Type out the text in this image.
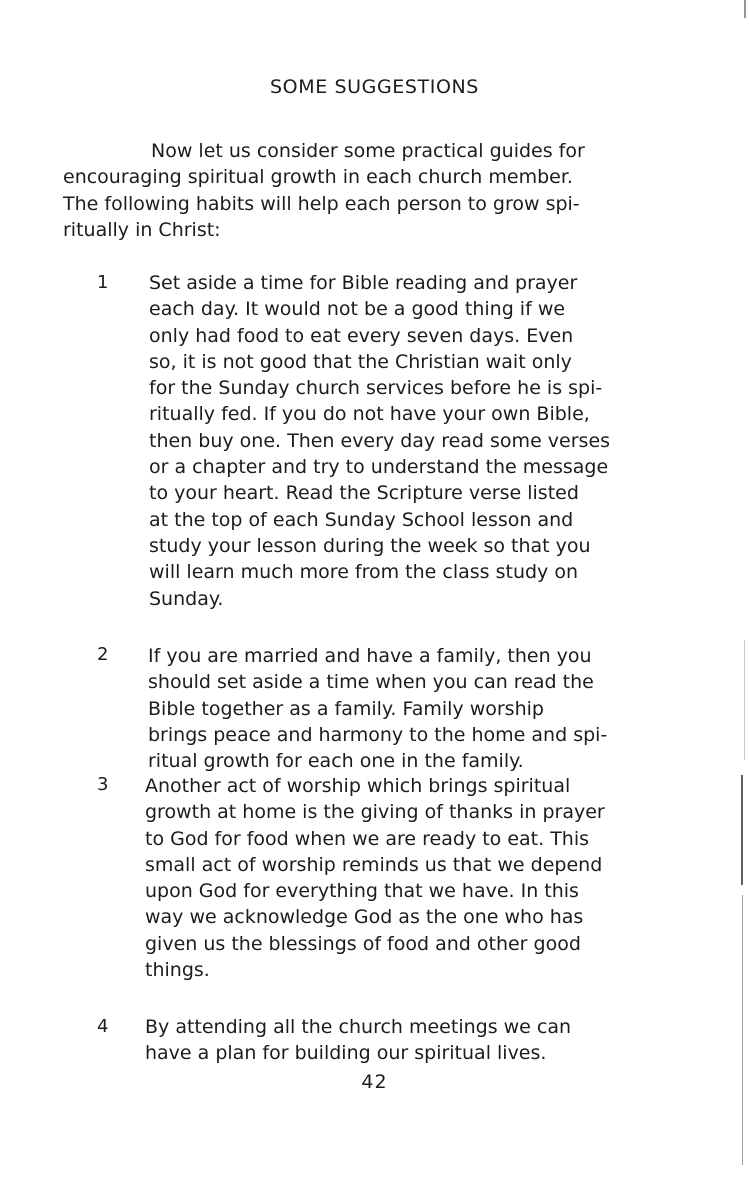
SOME SUGGESTIONS

Now let us consider some practical guides for
encouraging spiritual growth in each church member.
The following habits will help each person to grow spi-
ritually in Christ:

1 Set aside a time for Bible reading and prayer
each day. It would not be a good thing if we
only had food to eat every seven days. Even
so, it is not good that the Christian wait only
for the Sunday church services before he is spi-
ritually fed. If you do not have your own Bible,
then buy one. Then every day read some verses
or a chapter and try to understand the message
to your heart. Read the Scripture verse listed
at the top of each Sunday School lesson and
study your lesson during the week so that you
will learn much more from the class study on
Sunday.
2 If you are married and have a family, then you
should set aside a time when you can read the
Bible together as a family. Family worship
brings peace and harmony to the home and spi-
ritual growth for each one in the family.
3 Another act of worship which brings spiritual
growth at home is the giving of thanks in prayer
to God for food when we are ready to eat. This
small act of worship reminds us that we depend
upon God for everything that we have. In this
way we acknowledge God as the one who has
given us the blessings of food and other good
things.
4 By attending all the church meetings we can
have a plan for building our spiritual lives.
42
